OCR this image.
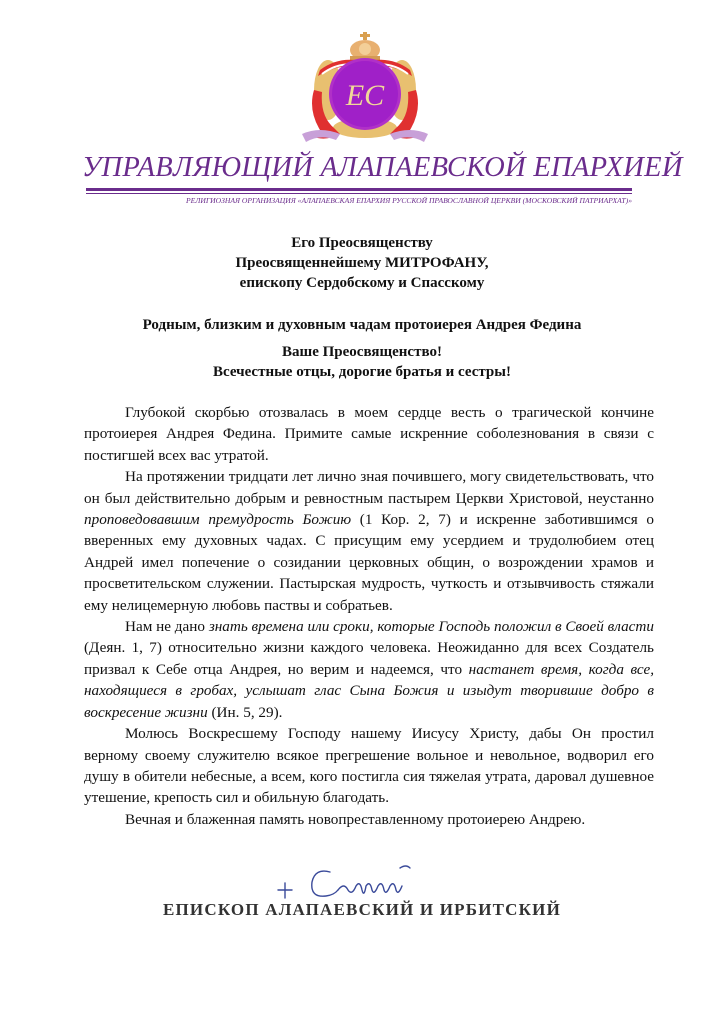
ЕС
УПРАВЛЯЮЩИЙ АЛАПАЕВСКОЙ ЕПАРХИЕЙ
РЕЛИГИОЗНАЯ ОРГАНИЗАЦИЯ «АЛАПАЕВСКАЯ ЕПАРХИЯ РУССКОЙ ПРАВОСЛАВНОЙ ЦЕРКВИ (МОСКОВСКИЙ ПАТРИАРХАТ)»
Его Преосвященству
Преосвященнейшему МИТРОФАНУ,
епископу Сердобскому и Спасскому
Родным, близким и духовным чадам протоиерея Андрея Федина
Ваше Преосвященство!
Всечестные отцы, дорогие братья и сестры!

Глубокой скорбью отозвалась в моем сердце весть о трагической кончине протоиерея Андрея Федина. Примите самые искренние соболезнования в связи с постигшей всех вас утратой.

На протяжении тридцати лет лично зная почившего, могу свидетельствовать, что он был действительно добрым и ревностным пастырем Церкви Христовой, неустанно проповедовавшим премудрость Божию (1 Кор. 2, 7) и искренне заботившимся о вверенных ему духовных чадах. С присущим ему усердием и трудолюбием отец Андрей имел попечение о созидании церковных общин, о возрождении храмов и просветительском служении. Пастырская мудрость, чуткость и отзывчивость стяжали ему нелицемерную любовь паствы и собратьев.

Нам не дано знать времена или сроки, которые Господь положил в Своей власти (Деян. 1, 7) относительно жизни каждого человека. Неожиданно для всех Создатель призвал к Себе отца Андрея, но верим и надеемся, что настанет время, когда все, находящиеся в гробах, услышат глас Сына Божия и изыдут творившие добро в воскресение жизни (Ин. 5, 29).

Молюсь Воскресшему Господу нашему Иисусу Христу, дабы Он простил верному своему служителю всякое прегрешение вольное и невольное, водворил его душу в обители небесные, а всем, кого постигла сия тяжелая утрата, даровал душевное утешение, крепость сил и обильную благодать.

Вечная и блаженная память новопреставленному протоиерею Андрею.

+ Сергий
ЕПИСКОП АЛАПАЕВСКИЙ И ИРБИТСКИЙ
